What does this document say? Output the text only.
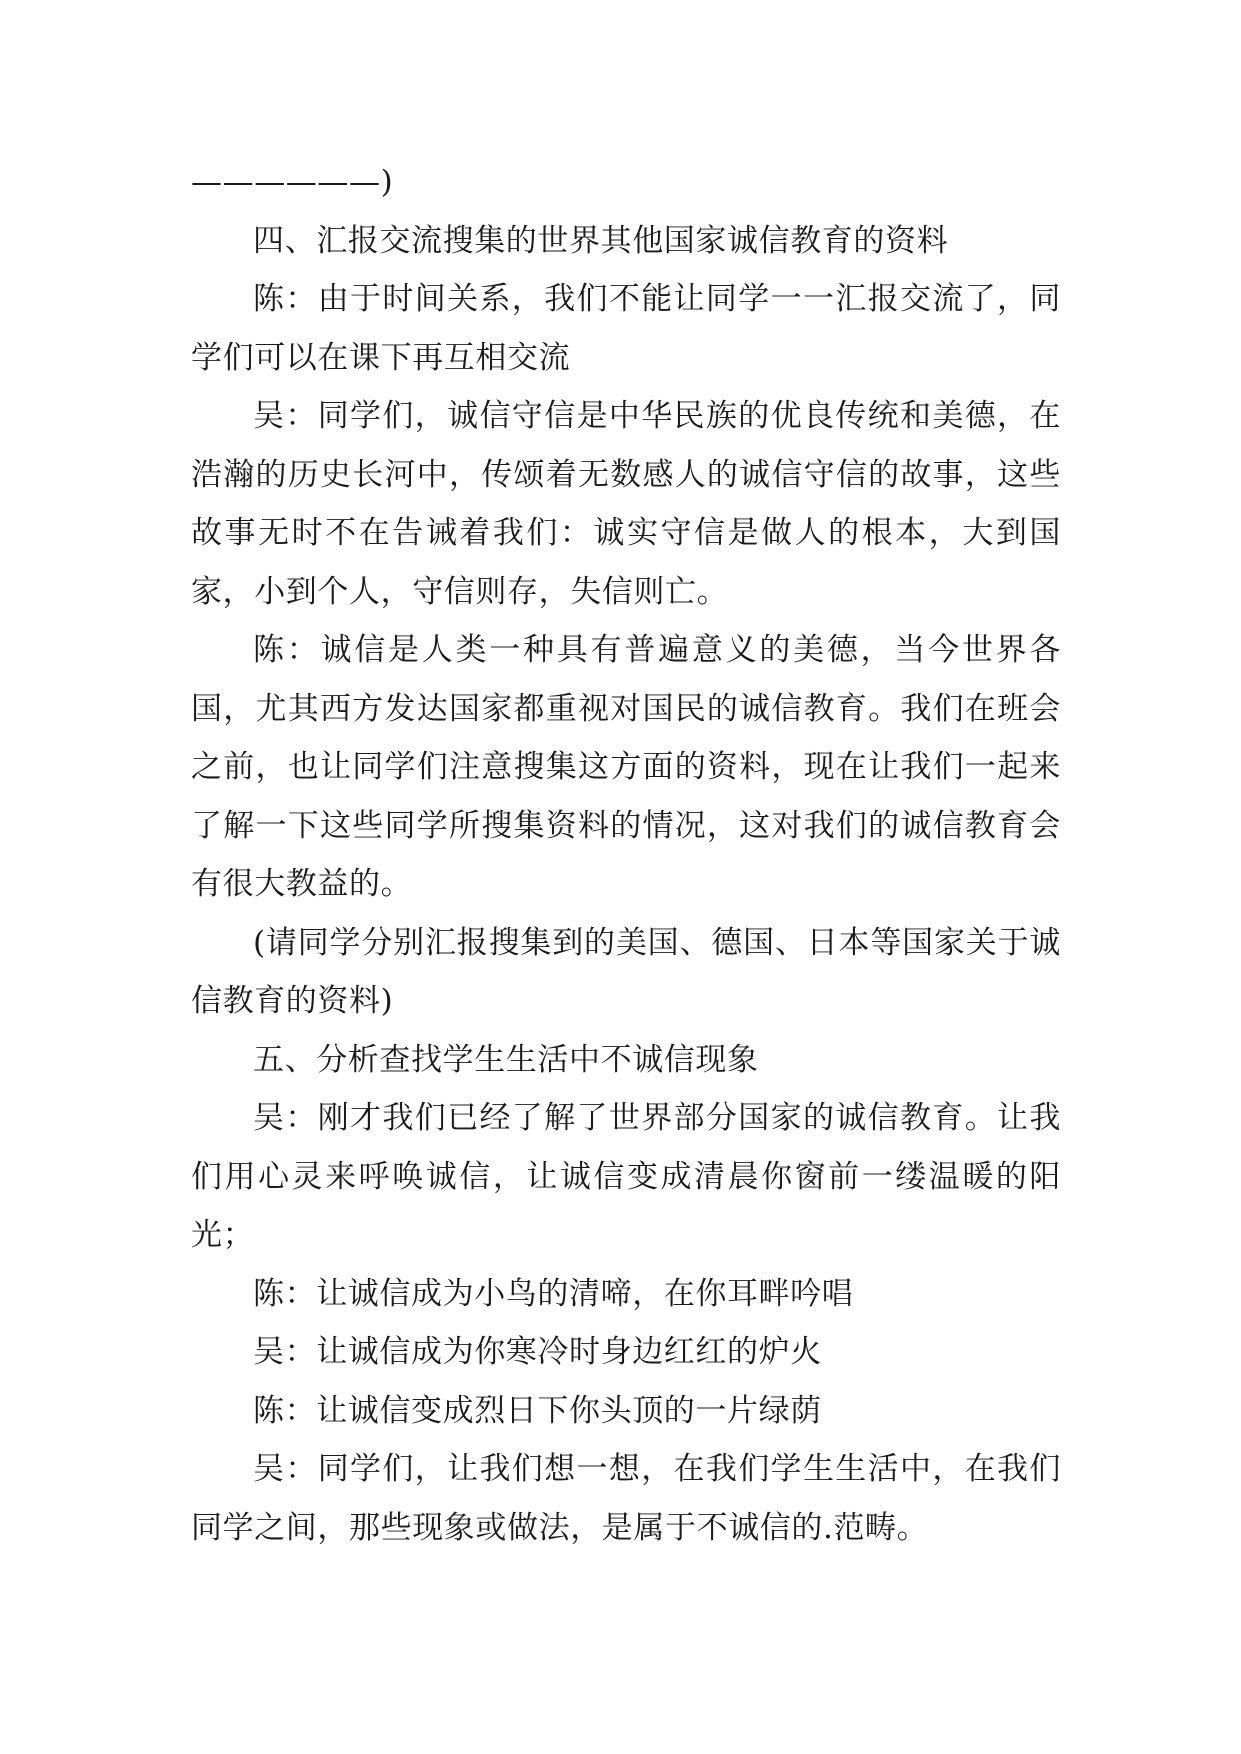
——————)

四、汇报交流搜集的世界其他国家诚信教育的资料

陈：由于时间关系，我们不能让同学一一汇报交流了，同学们可以在课下再互相交流

吴：同学们，诚信守信是中华民族的优良传统和美德，在浩瀚的历史长河中，传颂着无数感人的诚信守信的故事，这些故事无时不在告诫着我们：诚实守信是做人的根本，大到国家，小到个人，守信则存，失信则亡。

陈：诚信是人类一种具有普遍意义的美德，当今世界各国，尤其西方发达国家都重视对国民的诚信教育。我们在班会之前，也让同学们注意搜集这方面的资料，现在让我们一起来了解一下这些同学所搜集资料的情况，这对我们的诚信教育会有很大教益的。

(请同学分别汇报搜集到的美国、德国、日本等国家关于诚信教育的资料)

五、分析查找学生生活中不诚信现象

吴：刚才我们已经了解了世界部分国家的诚信教育。让我们用心灵来呼唤诚信，让诚信变成清晨你窗前一缕温暖的阳光；

陈：让诚信成为小鸟的清啼，在你耳畔吟唱

吴：让诚信成为你寒冷时身边红红的炉火

陈：让诚信变成烈日下你头顶的一片绿荫

吴：同学们，让我们想一想，在我们学生生活中，在我们同学之间，那些现象或做法，是属于不诚信的.范畴。
